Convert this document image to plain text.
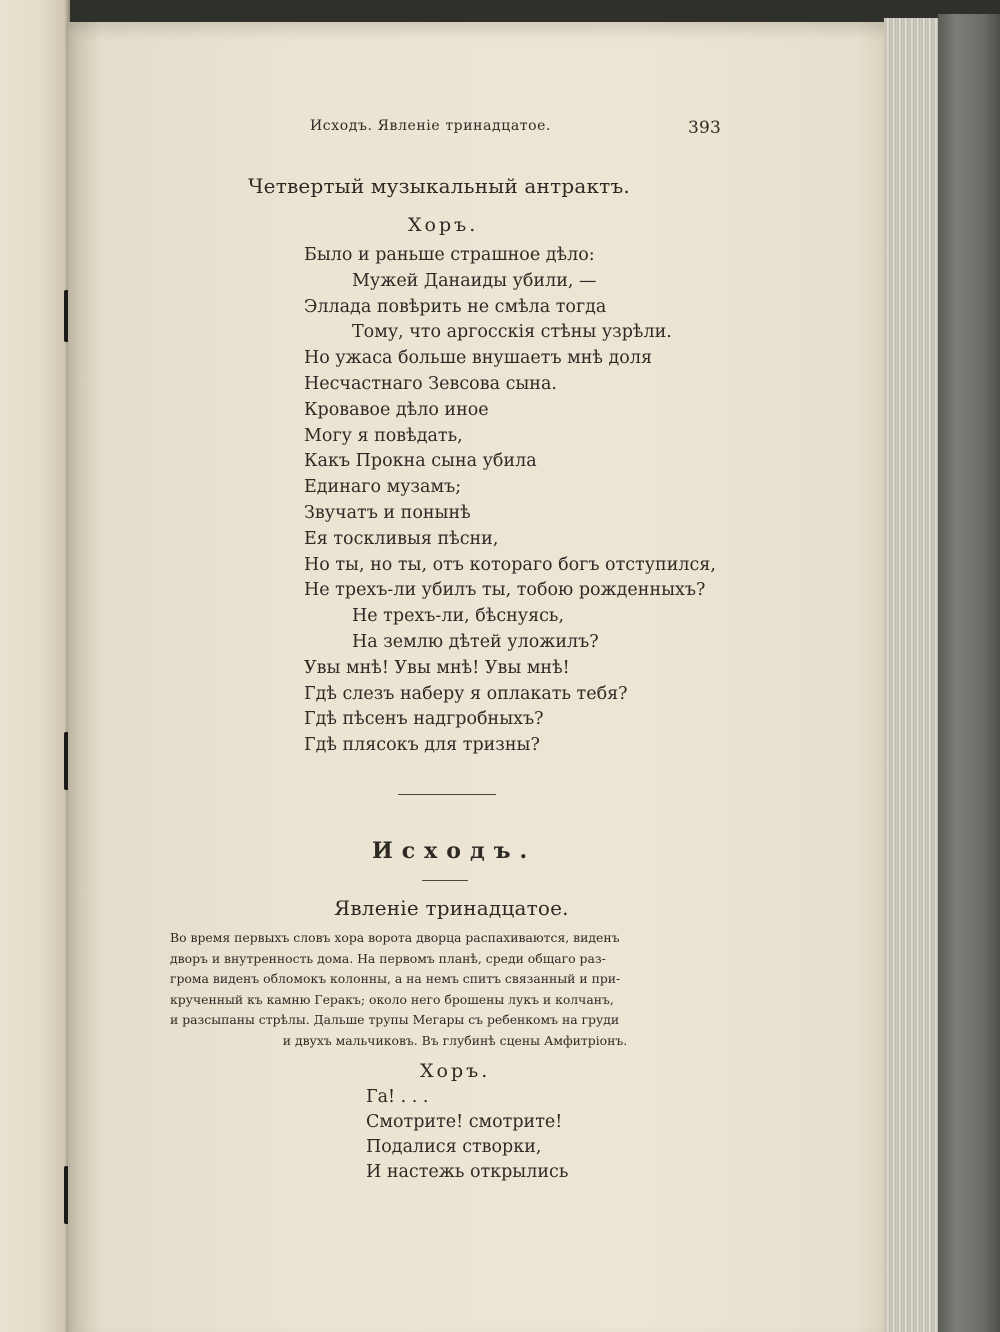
Исходъ. Явленіе тринадцатое.	393
Четвертый музыкальный антрактъ.
Хоръ.
Было и раньше страшное дѣло:
Мужей Данаиды убили, —
Эллада повѣрить не смѣла тогда
Тому, что аргосскія стѣны узрѣли.
Но ужаса больше внушаетъ мнѣ доля
Несчастнаго Зевсова сына.
Кровавое дѣло иное
Могу я повѣдать,
Какъ Прокна сына убила
Единаго музамъ;
Звучатъ и понынѣ
Ея тоскливыя пѣсни,
Но ты, но ты, отъ котораго богъ отступился,
Не трехъ-ли убилъ ты, тобою рожденныхъ?
Не трехъ-ли, бѣснуясь,
На землю дѣтей уложилъ?
Увы мнѣ! Увы мнѣ! Увы мнѣ!
Гдѣ слезъ наберу я оплакать тебя?
Гдѣ пѣсенъ надгробныхъ?
Гдѣ плясокъ для тризны?
Исходъ.
Явленіе тринадцатое.
Во время первыхъ словъ хора ворота дворца распахиваются, виденъ
дворъ и внутренность дома. На первомъ планѣ, среди общаго раз-
грома виденъ обломокъ колонны, а на немъ спитъ связанный и при-
крученный къ камню Геракъ; около него брошены лукъ и колчанъ,
и разсыпаны стрѣлы. Дальше трупы Мегары съ ребенкомъ на груди
и двухъ мальчиковъ. Въ глубинѣ сцены Амфитріонъ.
Хоръ.
Га! . . .
Смотрите! смотрите!
Подалися створки,
И настежь открылись
